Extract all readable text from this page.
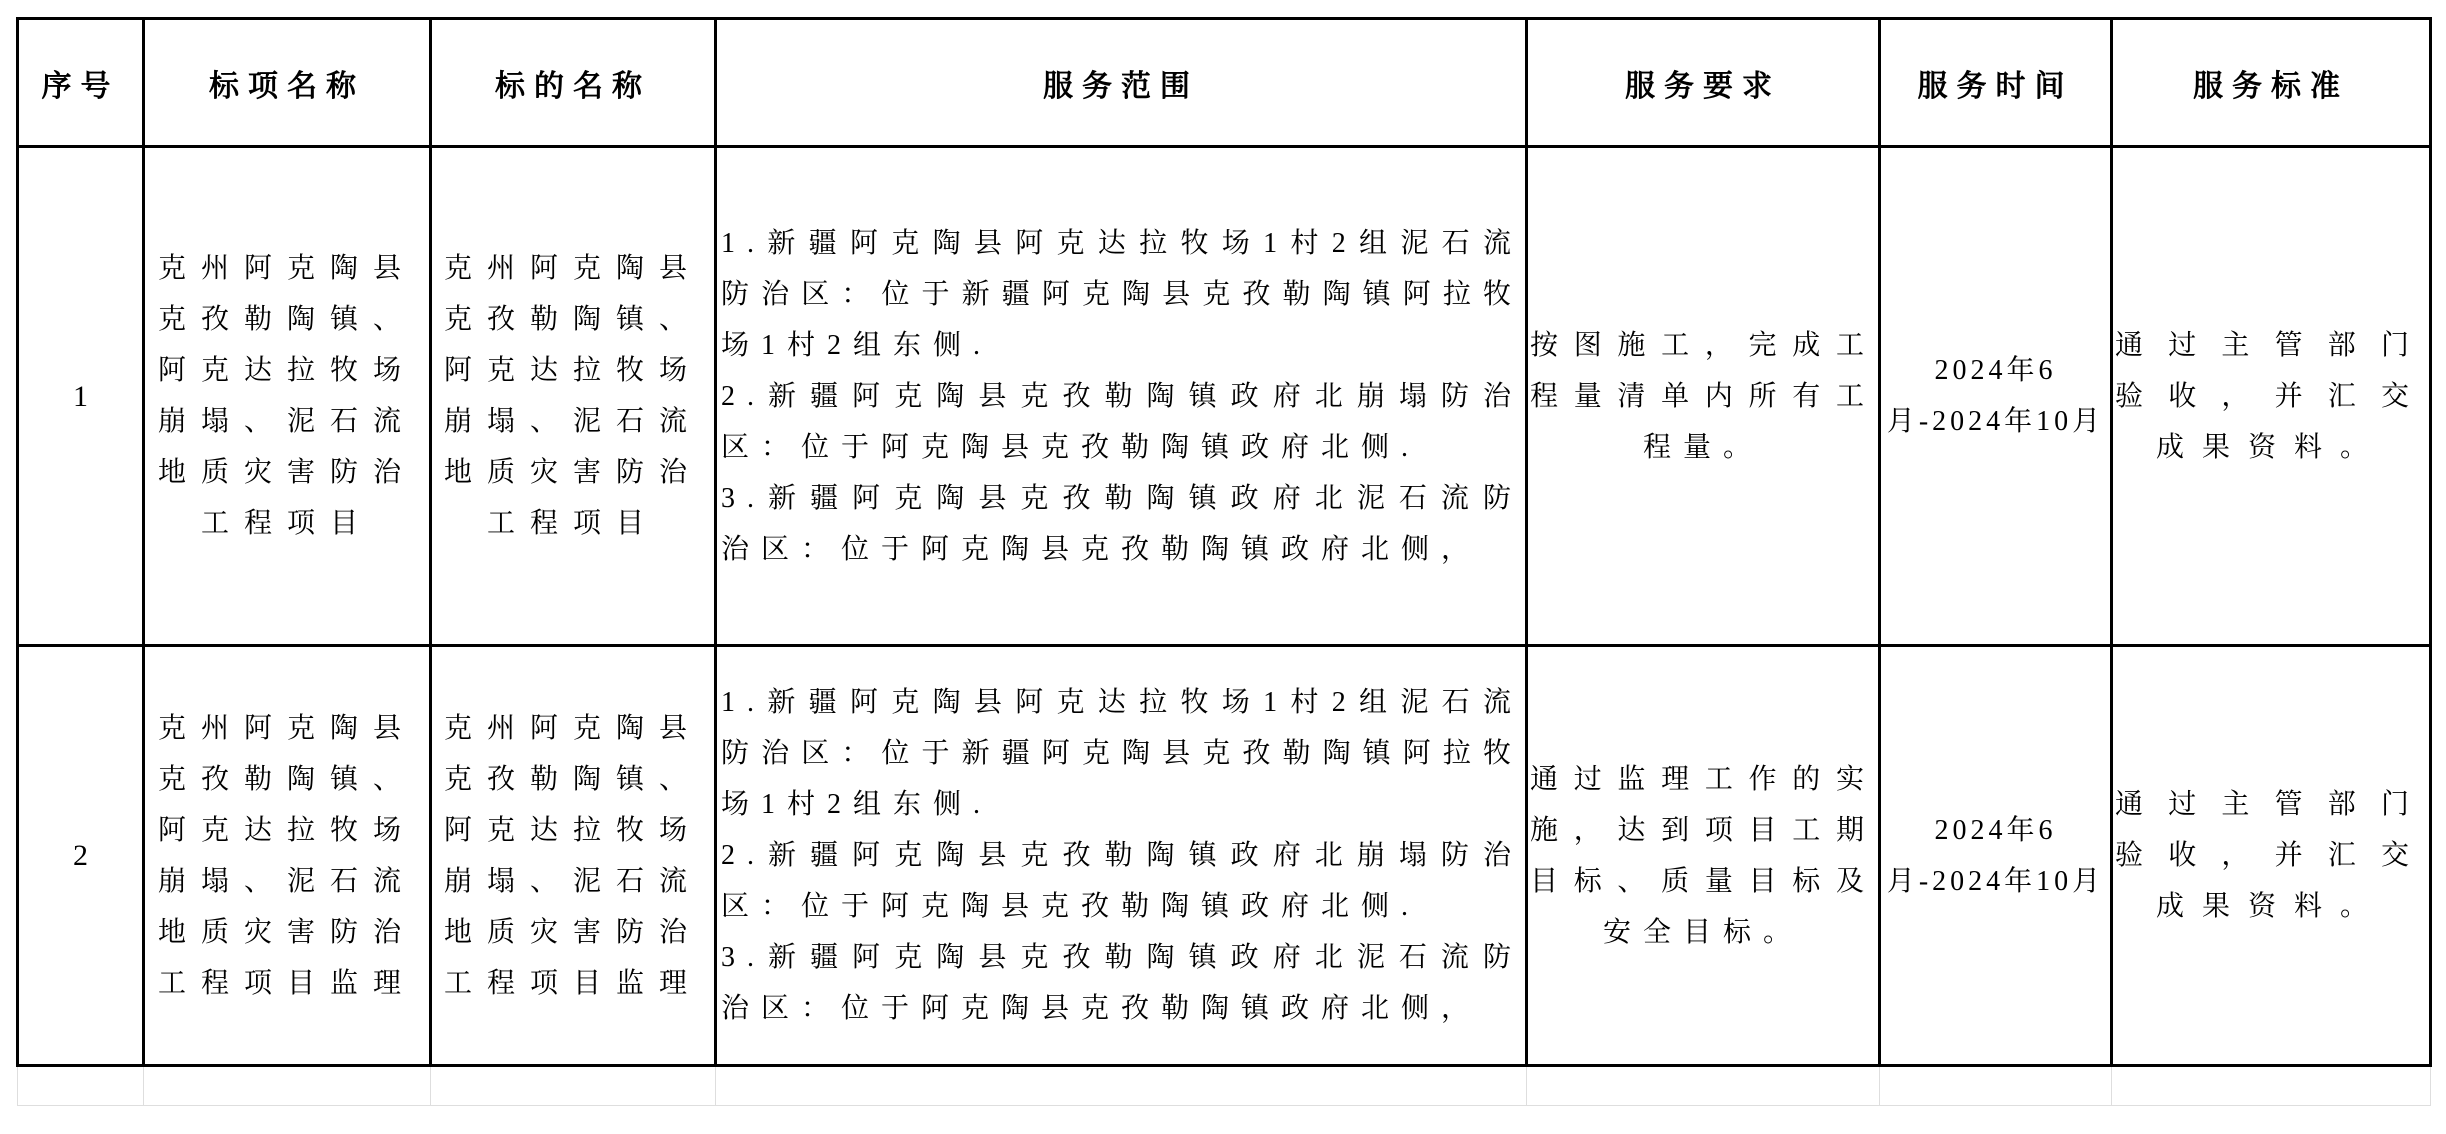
序号	标项名称	标的名称	服务范围	服务要求	服务时间	服务标准
1	克州阿克陶县克孜勒陶镇、阿克达拉牧场崩塌、泥石流地质灾害防治工程项目	克州阿克陶县克孜勒陶镇、阿克达拉牧场崩塌、泥石流地质灾害防治工程项目	1.新疆阿克陶县阿克达拉牧场1村2组泥石流防治区：位于新疆阿克陶县克孜勒陶镇阿拉牧场1村2组东侧.
2.新疆阿克陶县克孜勒陶镇政府北崩塌防治区：位于阿克陶县克孜勒陶镇政府北侧.
3.新疆阿克陶县克孜勒陶镇政府北泥石流防治区：位于阿克陶县克孜勒陶镇政府北侧，	按图施工，完成工程量清单内所有工程量。	2024年6月-2024年10月	通过主管部门验收，并汇交成果资料。
2	克州阿克陶县克孜勒陶镇、阿克达拉牧场崩塌、泥石流地质灾害防治工程项目监理	克州阿克陶县克孜勒陶镇、阿克达拉牧场崩塌、泥石流地质灾害防治工程项目监理	1.新疆阿克陶县阿克达拉牧场1村2组泥石流防治区：位于新疆阿克陶县克孜勒陶镇阿拉牧场1村2组东侧.
2.新疆阿克陶县克孜勒陶镇政府北崩塌防治区：位于阿克陶县克孜勒陶镇政府北侧.
3.新疆阿克陶县克孜勒陶镇政府北泥石流防治区：位于阿克陶县克孜勒陶镇政府北侧，	通过监理工作的实施，达到项目工期目标、质量目标及安全目标。	2024年6月-2024年10月	通过主管部门验收，并汇交成果资料。
